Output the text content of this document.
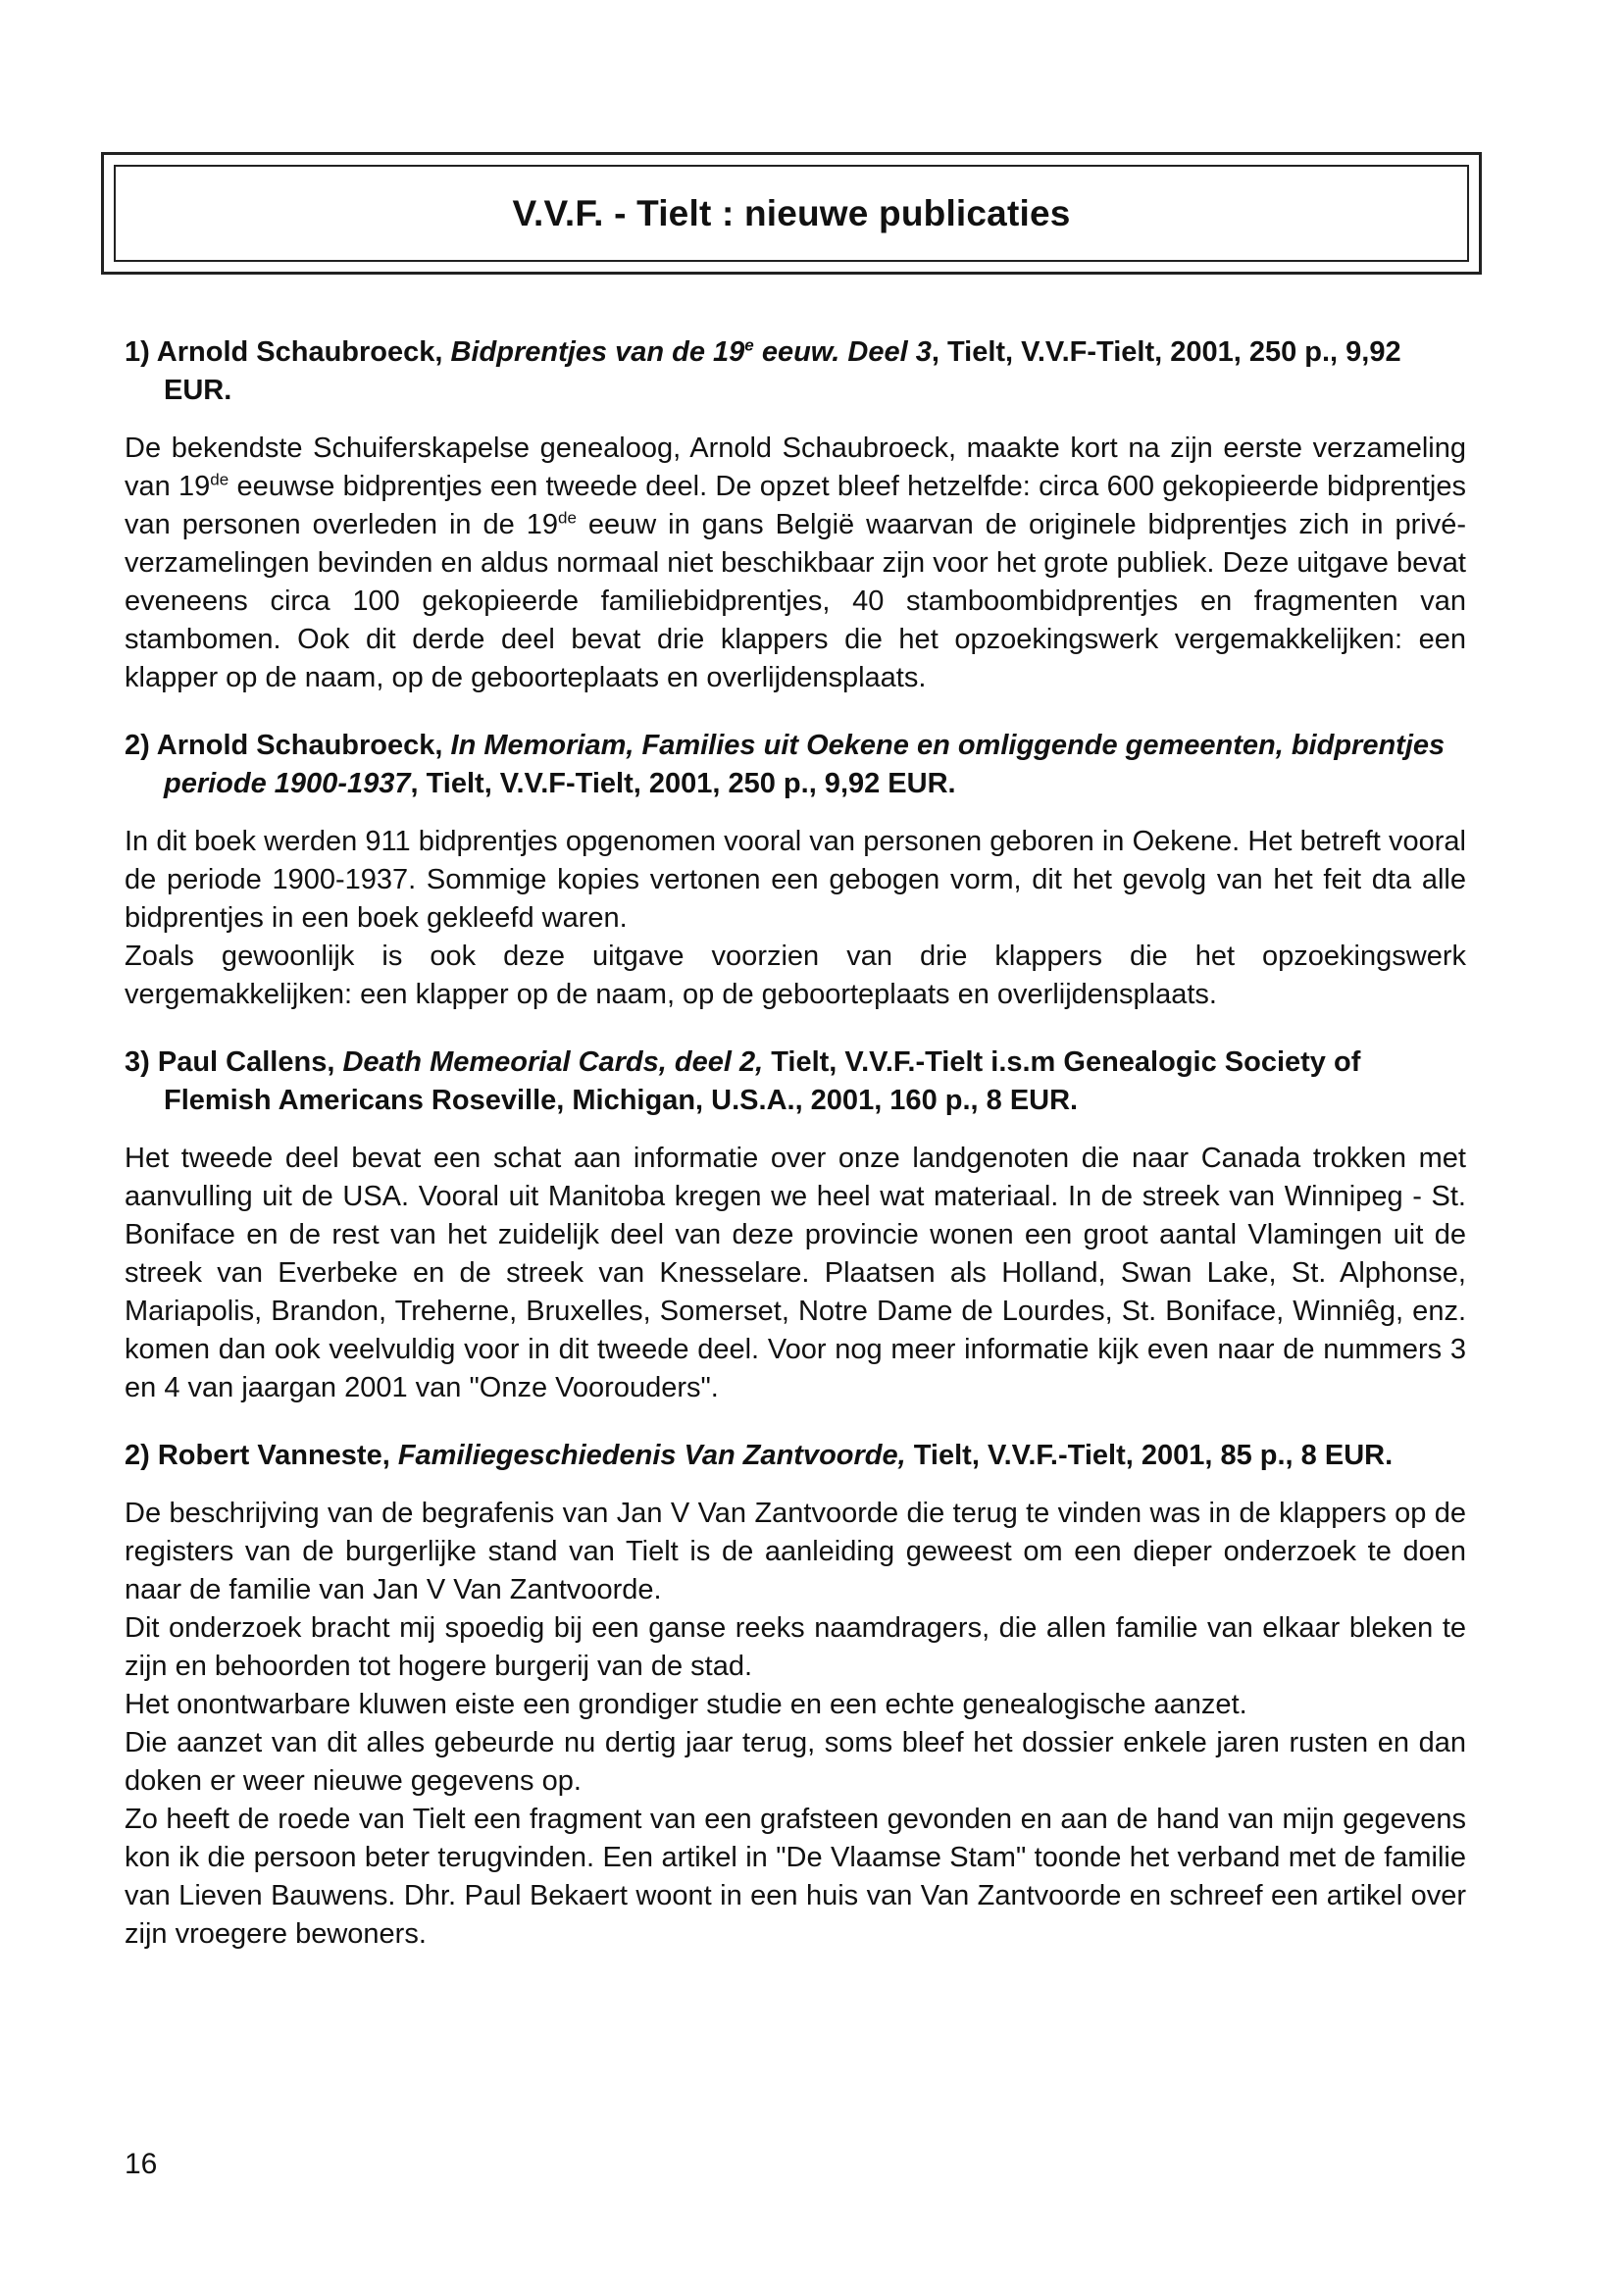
V.V.F. - Tielt : nieuwe publicaties
1) Arnold Schaubroeck, Bidprentjes van de 19e eeuw. Deel 3, Tielt, V.V.F-Tielt, 2001, 250 p., 9,92 EUR.

De bekendste Schuiferskapelse genealoog, Arnold Schaubroeck, maakte kort na zijn eerste verzameling van 19de eeuwse bidprentjes een tweede deel. De opzet bleef hetzelfde: circa 600 gekopieerde bidprentjes van personen overleden in de 19de eeuw in gans België waarvan de originele bidprentjes zich in privé-verzamelingen bevinden en aldus normaal niet beschikbaar zijn voor het grote publiek. Deze uitgave bevat eveneens circa 100 gekopieerde familiebidprentjes, 40 stamboombidprentjes en fragmenten van stambomen. Ook dit derde deel bevat drie klappers die het opzoekingswerk vergemakkelijken: een klapper op de naam, op de geboorteplaats en overlijdensplaats.

2) Arnold Schaubroeck, In Memoriam, Families uit Oekene en omliggende gemeenten, bidprentjes periode 1900-1937, Tielt, V.V.F-Tielt, 2001, 250 p., 9,92 EUR.

In dit boek werden 911 bidprentjes opgenomen vooral van personen geboren in Oekene. Het betreft vooral de periode 1900-1937. Sommige kopies vertonen een gebogen vorm, dit het gevolg van het feit dta alle bidprentjes in een boek gekleefd waren.

Zoals gewoonlijk is ook deze uitgave voorzien van drie klappers die het opzoekingswerk vergemakkelijken: een klapper op de naam, op de geboorteplaats en overlijdensplaats.

3) Paul Callens, Death Memeorial Cards, deel 2, Tielt, V.V.F.-Tielt i.s.m Genealogic Society of Flemish Americans Roseville, Michigan, U.S.A., 2001, 160 p., 8 EUR.

Het tweede deel bevat een schat aan informatie over onze landgenoten die naar Canada trokken met aanvulling uit de USA. Vooral uit Manitoba kregen we heel wat materiaal. In de streek van Winnipeg - St. Boniface en de rest van het zuidelijk deel van deze provincie wonen een groot aantal Vlamingen uit de streek van Everbeke en de streek van Knesselare. Plaatsen als Holland, Swan Lake, St. Alphonse, Mariapolis, Brandon, Treherne, Bruxelles, Somerset, Notre Dame de Lourdes, St. Boniface, Winniêg, enz. komen dan ook veelvuldig voor in dit tweede deel. Voor nog meer informatie kijk even naar de nummers 3 en 4 van jaargan 2001 van "Onze Voorouders".

2) Robert Vanneste, Familiegeschiedenis Van Zantvoorde, Tielt, V.V.F.-Tielt, 2001, 85 p., 8 EUR.

De beschrijving van de begrafenis van Jan V Van Zantvoorde die terug te vinden was in de klappers op de registers van de burgerlijke stand van Tielt is de aanleiding geweest om een dieper onderzoek te doen naar de familie van Jan V Van Zantvoorde.

Dit onderzoek bracht mij spoedig bij een ganse reeks naamdragers, die allen familie van elkaar bleken te zijn en behoorden tot hogere burgerij van de stad.

Het onontwarbare kluwen eiste een grondiger studie en een echte genealogische aanzet.

Die aanzet van dit alles gebeurde nu dertig jaar terug, soms bleef het dossier enkele jaren rusten en dan doken er weer nieuwe gegevens op.

Zo heeft de roede van Tielt een fragment van een grafsteen gevonden en aan de hand van mijn gegevens kon ik die persoon beter terugvinden. Een artikel in "De Vlaamse Stam" toonde het verband met de familie van Lieven Bauwens. Dhr. Paul Bekaert woont in een huis van Van Zantvoorde en schreef een artikel over zijn vroegere bewoners.

16
